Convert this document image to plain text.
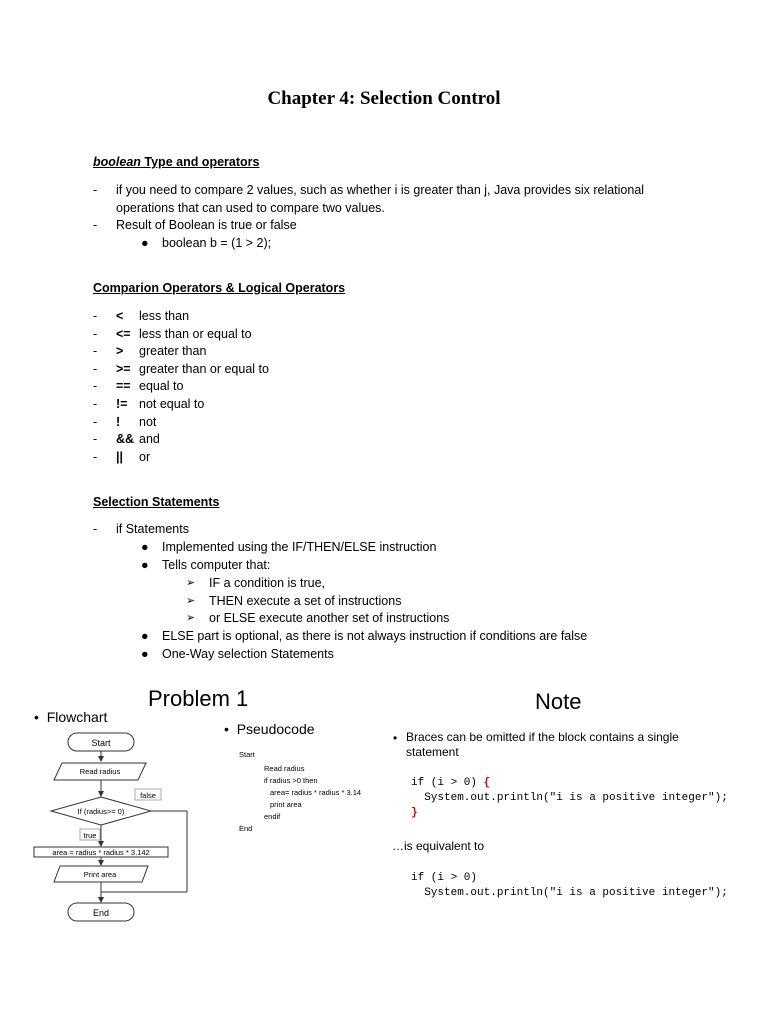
Chapter 4: Selection Control
boolean Type and operators
- if you need to compare 2 values, such as whether i is greater than j, Java provides six relational
operations that can used to compare two values.
- Result of Boolean is true or false
● boolean b = (1 > 2);
Comparion Operators & Logical Operators
- < less than
- <= less than or equal to
- > greater than
- >= greater than or equal to
- == equal to
- != not equal to
- ! not
- && and
- || or
Selection Statements
- if Statements
● Implemented using the IF/THEN/ELSE instruction
● Tells computer that:
➢ IF a condition is true,
➢ THEN execute a set of instructions
➢ or ELSE execute another set of instructions
● ELSE part is optional, as there is not always instruction if conditions are false
● One-Way selection Statements
Problem 1
•  Flowchart
•  Pseudocode
Start
Read radius
If (radius>= 0)
false
true
area = radius * radius * 3.142
Print area
End
Start
Read radius
if radius >0 then
area= radius * radius * 3.14
print area
endif
End
Note
• Braces can be omitted if the block contains a single
statement
if (i > 0) {
System.out.println("i is a positive integer");
}
…is equivalent to
if (i > 0)
System.out.println("i is a positive integer");
